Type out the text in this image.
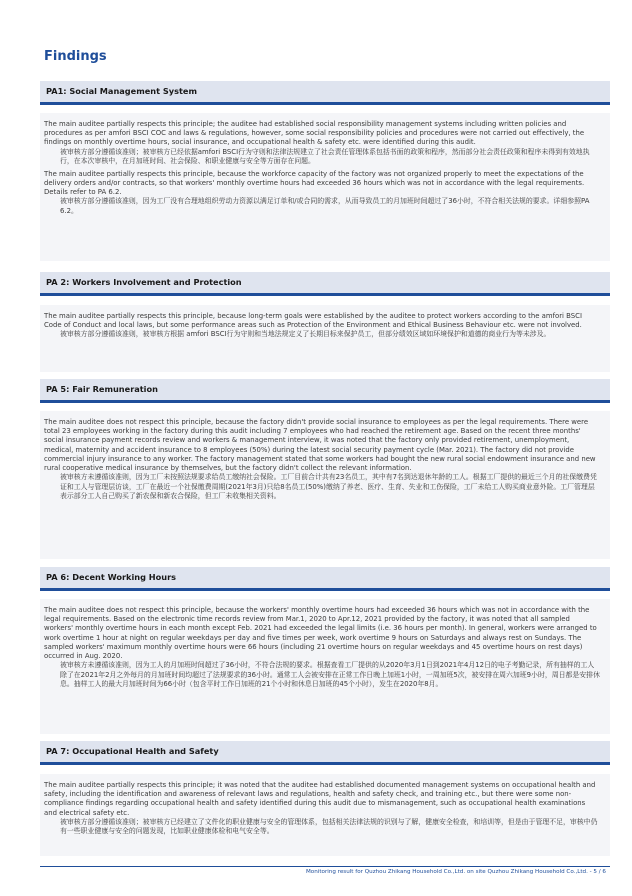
Findings
PA1: Social Management System

The main auditee partially respects this principle; the auditee had established social responsibility management systems including written policies and procedures as per amfori BSCI COC and laws & regulations, however, some social responsibility policies and procedures were not carried out effectively, the findings on monthly overtime hours, social insurance, and occupational health & safety etc. were identified during this audit.

被审核方部分遵循该准则；被审核方已经依据amfori BSCI行为守则和法律法规建立了社会责任管理体系包括书面的政策和程序，然而部分社会责任政策和程序未得到有效地执行，在本次审核中，在月加班时间、社会保险、和职业健康与安全等方面存在问题。

The main auditee partially respects this principle, because the workforce capacity of the factory was not organized properly to meet the expectations of the delivery orders and/or contracts, so that workers' monthly overtime hours had exceeded 36 hours which was not in accordance with the legal requirements. Details refer to PA 6.2.

被审核方部分遵循该准则，因为工厂没有合理地组织劳动力资源以满足订单和/或合同的需求，从而导致员工的月加班时间超过了36小时，不符合相关法规的要求。详细参照PA 6.2。

PA 2: Workers Involvement and Protection

The main auditee partially respects this principle, because long-term goals were established by the auditee to protect workers according to the amfori BSCI Code of Conduct and local laws, but some performance areas such as Protection of the Environment and Ethical Business Behaviour etc. were not involved.

被审核方部分遵循该准则，被审核方根据 amfori BSCI行为守则和当地法规定义了长期目标来保护员工，但部分绩效区域如环境保护和道德的商业行为等未涉及。

PA 5: Fair Remuneration

The main auditee does not respect this principle, because the factory didn't provide social insurance to employees as per the legal requirements. There were total 23 employees working in the factory during this audit including 7 employees who had reached the retirement age. Based on the recent three months' social insurance payment records review and workers & management interview, it was noted that the factory only provided retirement, unemployment, medical, maternity and accident insurance to 8 employees (50%) during the latest social security payment cycle (Mar. 2021). The factory did not provide commercial injury insurance to any worker. The factory management stated that some workers had bought the new rural social endowment insurance and new rural cooperative medical insurance by themselves, but the factory didn't collect the relevant information.

被审核方未遵循该准则，因为工厂未按照法规要求给员工缴纳社会保险。工厂目前合计共有23名员工，其中有7名到达退休年龄的工人。根据工厂提供的最近三个月的社保缴费凭证和工人与管理层访谈，工厂在最近一个社保缴费周期(2021年3月)只给8名员工(50%)缴纳了养老、医疗、生育、失业和工伤保险，工厂未给工人购买商业意外险。工厂管理层表示部分工人自己购买了新农保和新农合保险，但工厂未收集相关资料。

PA 6: Decent Working Hours

The main auditee does not respect this principle, because the workers' monthly overtime hours had exceeded 36 hours which was not in accordance with the legal requirements. Based on the electronic time records review from Mar.1, 2020 to Apr.12, 2021 provided by the factory, it was noted that all sampled workers' monthly overtime hours in each month except Feb. 2021 had exceeded the legal limits (i.e. 36 hours per month). In general, workers were arranged to work overtime 1 hour at night on regular weekdays per day and five times per week, work overtime 9 hours on Saturdays and always rest on Sundays. The sampled workers' maximum monthly overtime hours were 66 hours (including 21 overtime hours on regular weekdays and 45 overtime hours on rest days) occurred in Aug. 2020.

被审核方未遵循该准则，因为工人的月加班时间超过了36小时，不符合法规的要求。根据查看工厂提供的从2020年3月1日到2021年4月12日的电子考勤记录，所有抽样的工人除了在2021年2月之外每月的月加班时间均超过了法规要求的36小时。通常工人会被安排在正常工作日晚上加班1小时，一周加班5次，被安排在周六加班9小时，周日都是安排休息。抽样工人的最大月加班时间为66小时（包含平时工作日加班的21个小时和休息日加班的45个小时），发生在2020年8月。

PA 7: Occupational Health and Safety

The main auditee partially respects this principle; it was noted that the auditee had established documented management systems on occupational health and safety, including the identification and awareness of relevant laws and regulations, health and safety check, and training etc., but there were some non-compliance findings regarding occupational health and safety identified during this audit due to mismanagement, such as occupational health examinations and electrical safety etc.

被审核方部分遵循该准则；被审核方已经建立了文件化的职业健康与安全的管理体系，包括相关法律法规的识别与了解，健康安全检查，和培训等，但是由于管理不足，审核中仍有一些职业健康与安全的问题发现，比如职业健康体检和电气安全等。

Monitoring result for Quzhou Zhikang Household Co.,Ltd. on site Quzhou Zhikang Household Co.,Ltd. - 5 / 6
